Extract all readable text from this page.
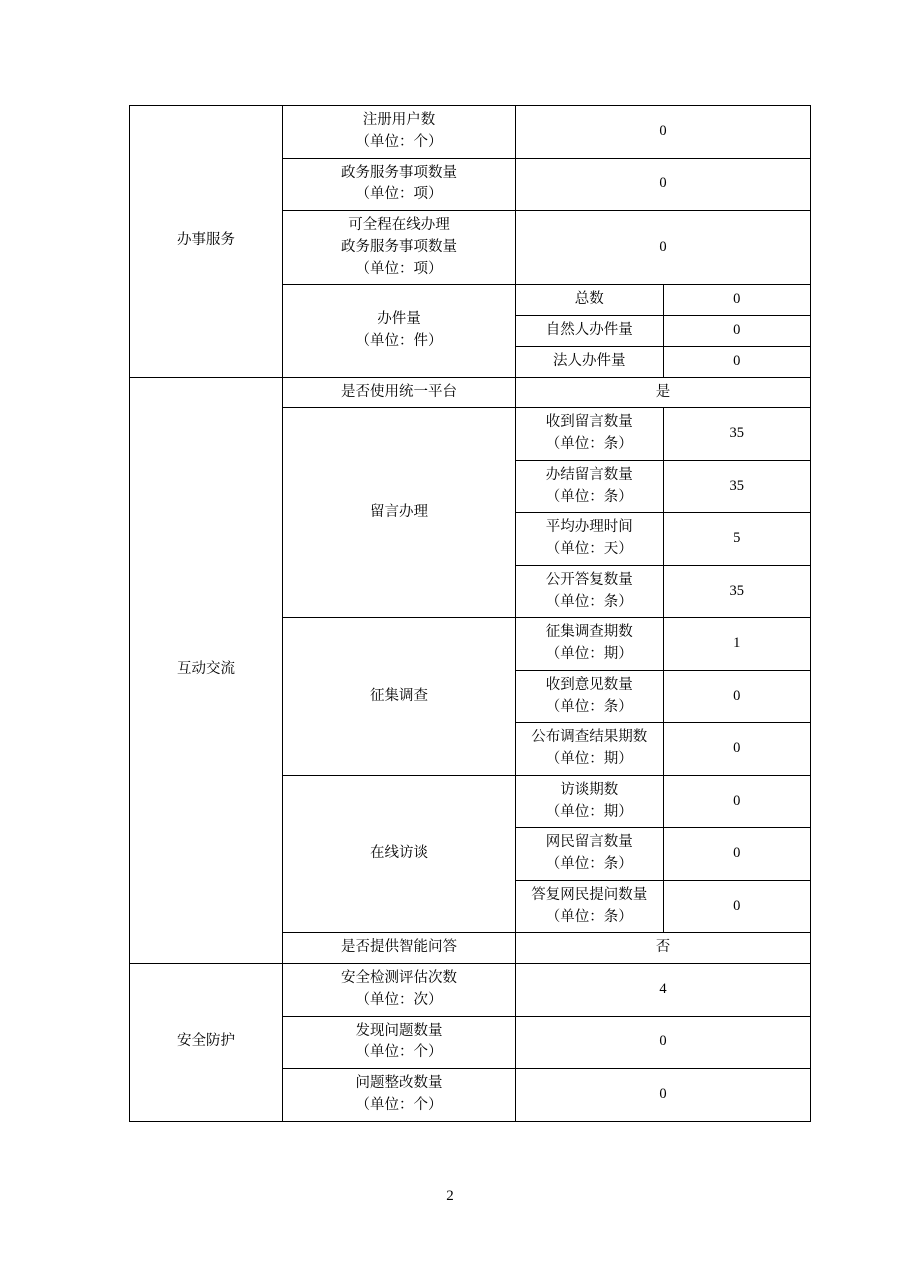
办事服务	注册用户数
（单位：个）	0	

	政务服务事项数量
（单位：项）	0	

	可全程在线办理
政务服务事项数量
（单位：项）	0	

	办件量
（单位：件）	总数	0

		自然人办件量	0

		法人办件量	0

互动交流	是否使用统一平台	是	

	留言办理	收到留言数量
（单位：条）	35

		办结留言数量
（单位：条）	35

		平均办理时间
（单位：天）	5

		公开答复数量
（单位：条）	35

	征集调查	征集调查期数
（单位：期）	1

		收到意见数量
（单位：条）	0

		公布调查结果期数
（单位：期）	0

	在线访谈	访谈期数
（单位：期）	0

		网民留言数量
（单位：条）	0

		答复网民提问数量
（单位：条）	0

	是否提供智能问答	否	

安全防护	安全检测评估次数
（单位：次）	4	

	发现问题数量
（单位：个）	0	

	问题整改数量
（单位：个）	0	
2
